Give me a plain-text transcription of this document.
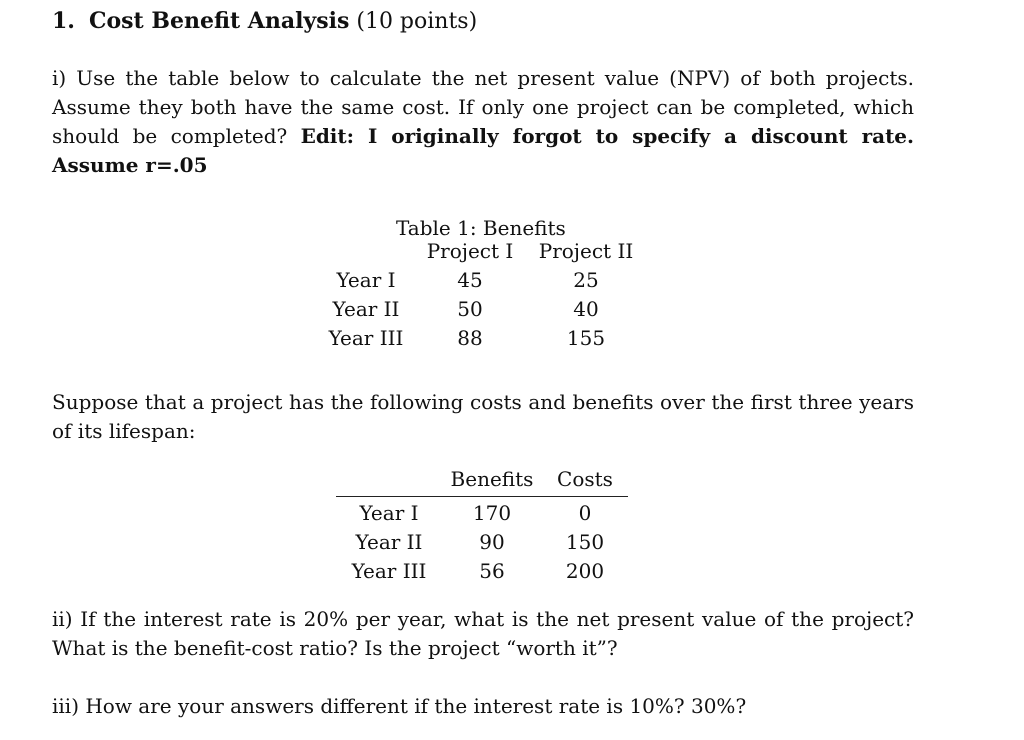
1. Cost Benefit Analysis (10 points)

i) Use the table below to calculate the net present value (NPV) of both projects. Assume they both have the same cost. If only one project can be completed, which should be completed? Edit: I originally forgot to specify a discount rate. Assume r=.05

Table 1: Benefits
	Project I	Project II
Year I	45	25
Year II	50	40
Year III	88	155

Suppose that a project has the following costs and benefits over the first three years of its lifespan:

	Benefits	Costs
Year I	170	0
Year II	90	150
Year III	56	200

ii) If the interest rate is 20% per year, what is the net present value of the project? What is the benefit-cost ratio? Is the project “worth it”?

iii) How are your answers different if the interest rate is 10%? 30%?
